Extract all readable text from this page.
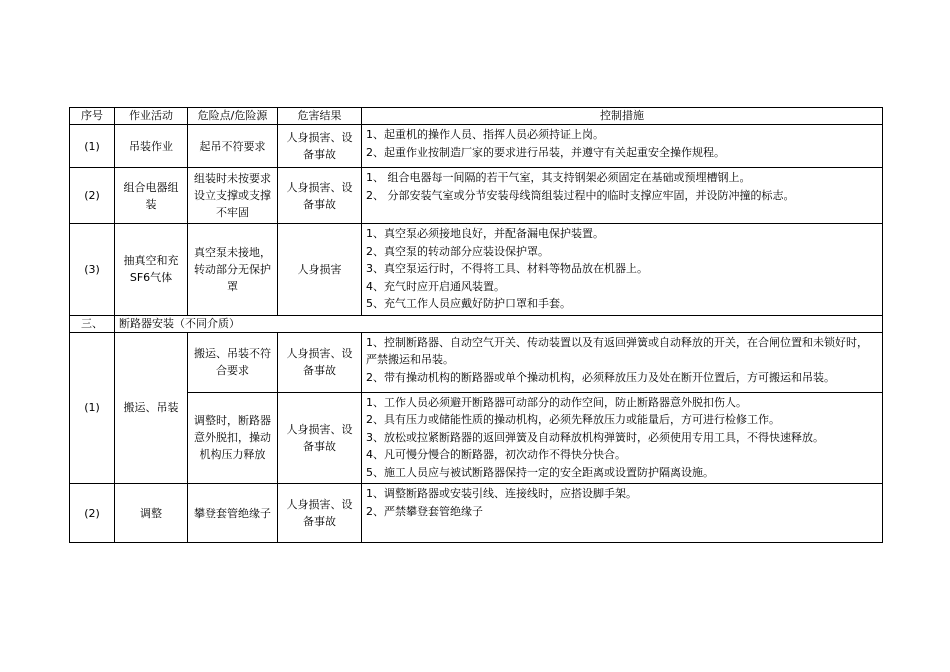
序号	作业活动	危险点/危险源	危害结果	控制措施
(1)	吊装作业	起吊不符要求	人身损害、设备事故	1、起重机的操作人员、指挥人员必须持证上岗。

2、起重作业按制造厂家的要求进行吊装，并遵守有关起重安全操作规程。

(2)	组合电器组装	组装时未按要求设立支撑或支撑不牢固	人身损害、设备事故	1、 组合电器每一间隔的若干气室，其支持钢架必须固定在基础或预埋槽钢上。

2、 分部安装气室或分节安装母线筒组装过程中的临时支撑应牢固，并设防冲撞的标志。

(3)	抽真空和充SF6气体	真空泵未接地，转动部分无保护罩	人身损害	1、真空泵必须接地良好，并配备漏电保护装置。

2、真空泵的转动部分应装设保护罩。

3、真空泵运行时，不得将工具、材料等物品放在机器上。

4、充气时应开启通风装置。

5、充气工作人员应戴好防护口罩和手套。

三、	断路器安装（不同介质）			
(1)	搬运、吊装	搬运、吊装不符合要求	人身损害、设备事故	1、控制断路器、自动空气开关、传动装置以及有返回弹簧或自动释放的开关，在合闸位置和未锁好时，严禁搬运和吊装。

2、带有操动机构的断路器或单个操动机构，必须释放压力及处在断开位置后，方可搬运和吊装。

		调整时，断路器意外脱扣，操动机构压力释放	人身损害、设备事故	1、工作人员必须避开断路器可动部分的动作空间，防止断路器意外脱扣伤人。

2、具有压力或储能性质的操动机构，必须先释放压力或能量后，方可进行检修工作。

3、放松或拉紧断路器的返回弹簧及自动释放机构弹簧时，必须使用专用工具，不得快速释放。

4、凡可慢分慢合的断路器，初次动作不得快分快合。

5、施工人员应与被试断路器保持一定的安全距离或设置防护隔离设施。

(2)	调整	攀登套管绝缘子	人身损害、设备事故	1、调整断路器或安装引线、连接线时，应搭设脚手架。

2、严禁攀登套管绝缘子
